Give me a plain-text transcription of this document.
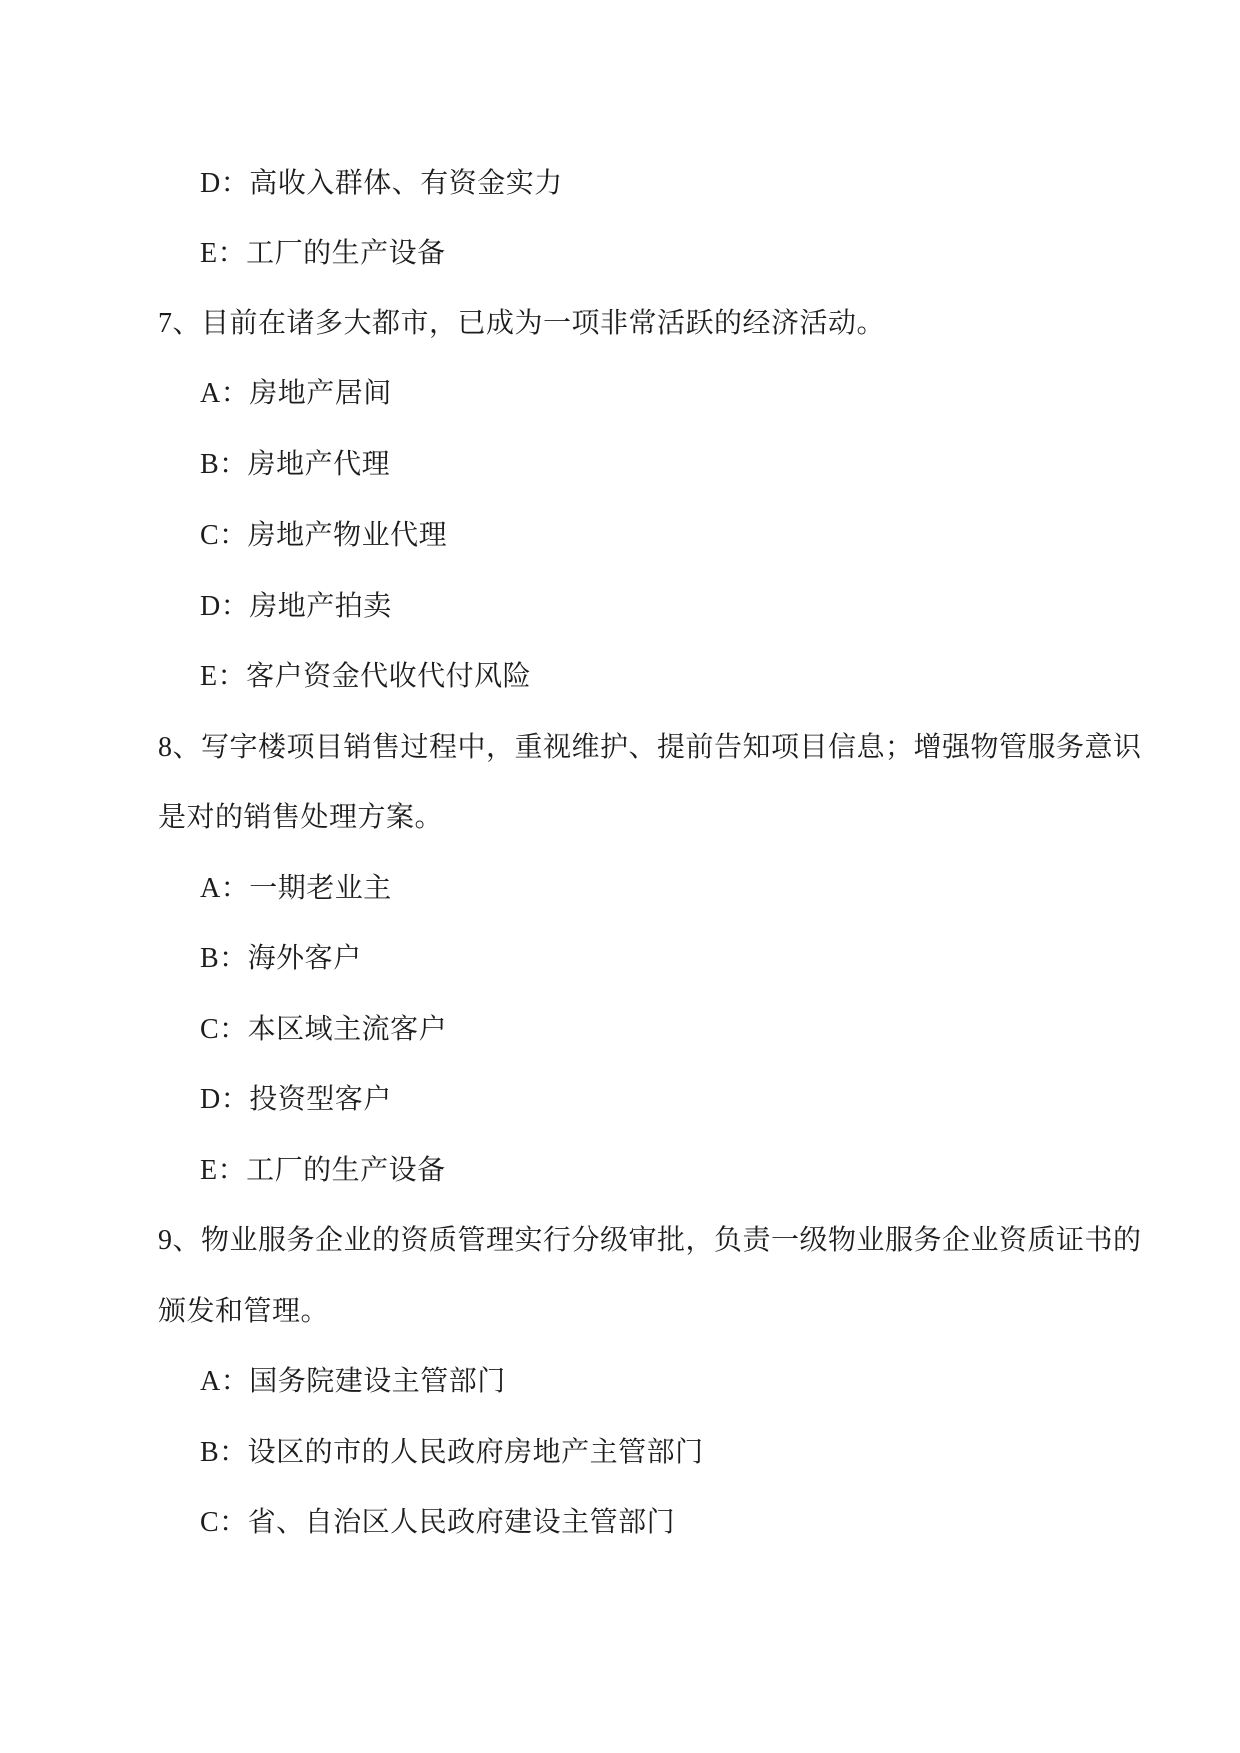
D：高收入群体、有资金实力
E：工厂的生产设备
7、目前在诸多大都市，已成为一项非常活跃的经济活动。
A：房地产居间
B：房地产代理
C：房地产物业代理
D：房地产拍卖
E：客户资金代收代付风险
8、写字楼项目销售过程中，重视维护、提前告知项目信息；增强物管服务意识
是对的销售处理方案。
A：一期老业主
B：海外客户
C：本区域主流客户
D：投资型客户
E：工厂的生产设备
9、物业服务企业的资质管理实行分级审批，负责一级物业服务企业资质证书的
颁发和管理。
A：国务院建设主管部门
B：设区的市的人民政府房地产主管部门
C：省、自治区人民政府建设主管部门
